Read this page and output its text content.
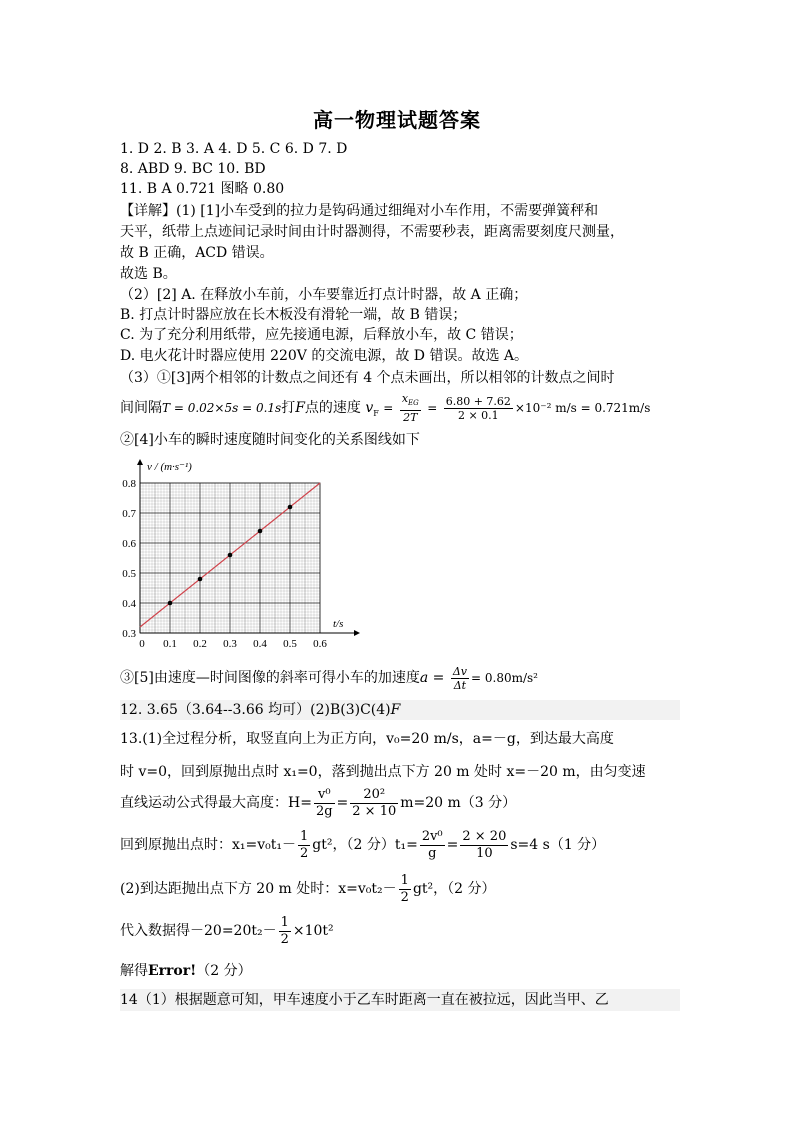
高一物理试题答案
1. D 2. B 3. A 4. D 5. C 6. D 7. D
8. ABD 9. BC 10. BD
11. B A 0.721 图略 0.80
【详解】(1) [1]小车受到的拉力是钩码通过细绳对小车作用，不需要弹簧秤和
天平，纸带上点迹间记录时间由计时器测得，不需要秒表，距离需要刻度尺测量，
故 B 正确，ACD 错误。
故选 B。
（2）[2] A. 在释放小车前，小车要靠近打点计时器，故 A 正确；
B. 打点计时器应放在长木板没有滑轮一端，故 B 错误；
C. 为了充分利用纸带，应先接通电源，后释放小车，故 C 错误；
D. 电火花计时器应使用 220V 的交流电源，故 D 错误。故选 A。
（3）①[3]两个相邻的计数点之间还有 4 个点未画出，所以相邻的计数点之间时
间间隔T = 0.02×5s = 0.1s打F点的速度 $v_F = \frac{x_{EG}}{2T} = \frac{6.80 + 7.62}{2 \times 0.1} \times 10^{-2}$ m/s = 0.721m/s
②[4]小车的瞬时速度随时间变化的关系图线如下
0.3
0.4
0.5
0.6
0.7
0.8
0 0.1 0.2 0.3 0.4 0.5 0.6
v / (m·s⁻¹)
t/s
③[5]由速度—时间图像的斜率可得小车的加速度$a = \frac{\Delta v}{\Delta t} = 0.80m/s^2$
12. 3.65（3.64--3.66 均可）(2)B(3)C(4)F
13.(1)全过程分析，取竖直向上为正方向，v₀=20 m/s，a=－g，到达最大高度
时 v=0，回到原抛出点时 x₁=0，落到抛出点下方 20 m 处时 x=－20 m，由匀变速
直线运动公式得最大高度：$H= \frac{\text{v⁰}}{2g} = \frac{\text{20²}}{2 \times 10} m=20$ m（3 分）
回到原抛出点时：$x_1=v_0t_1- \frac{1}{2} gt^2$，（2 分）$t_1= \frac{\text{2v⁰}}{g} = \frac{2 \times 20}{10} s=4$ s（1 分）
(2)到达距抛出点下方 20 m 处时：$x=v_0t_2- \frac{1}{2} gt^2$，（2 分）
代入数据得$-20=20t_2- \frac{1}{2} \times 10t^2$
解得Error!（2 分）
14（1）根据题意可知，甲车速度小于乙车时距离一直在被拉远，因此当甲、乙
